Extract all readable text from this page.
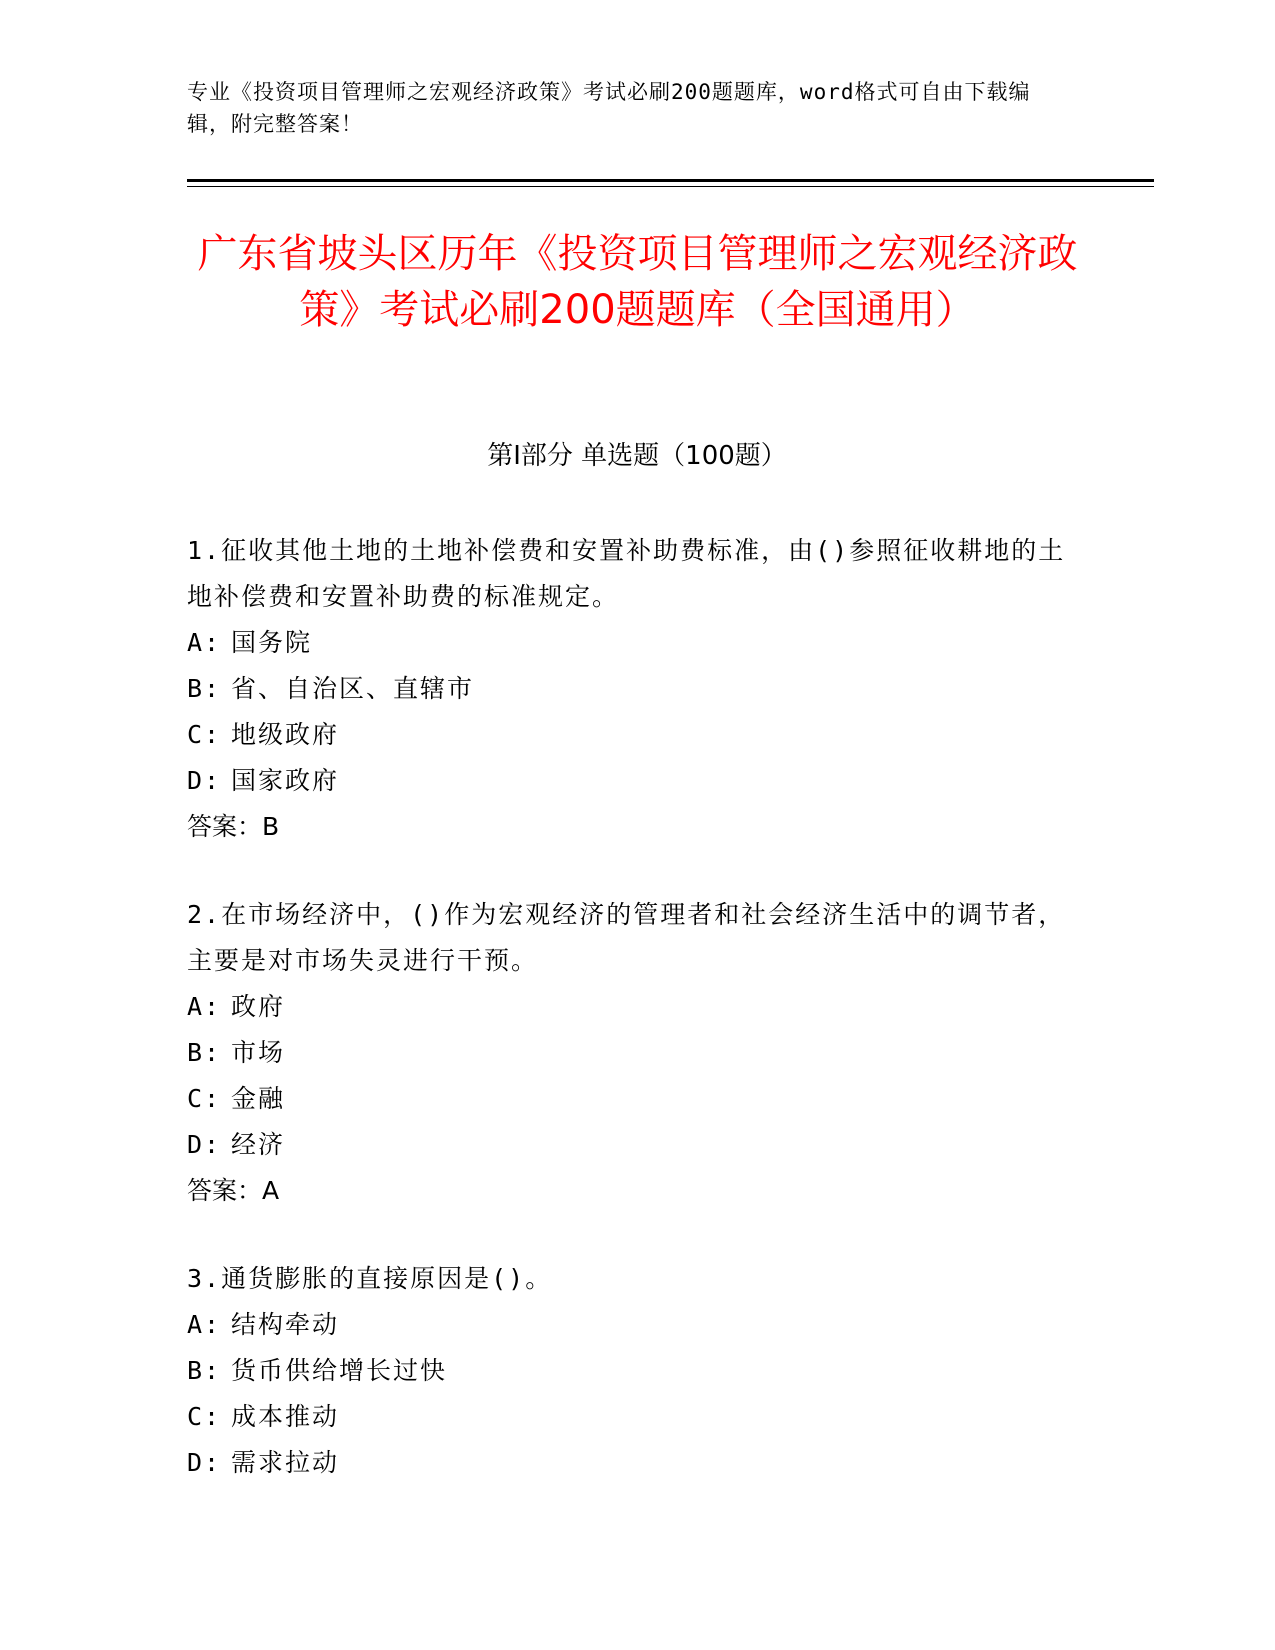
专业《投资项目管理师之宏观经济政策》考试必刷200题题库，word格式可自由下载编辑，附完整答案！
广东省坡头区历年《投资项目管理师之宏观经济政策》考试必刷200题题库（全国通用）
第I部分 单选题（100题）
1.征收其他土地的土地补偿费和安置补助费标准，由()参照征收耕地的土地补偿费和安置补助费的标准规定。
A: 国务院
B: 省、自治区、直辖市
C: 地级政府
D: 国家政府
答案：B
2.在市场经济中，()作为宏观经济的管理者和社会经济生活中的调节者，主要是对市场失灵进行干预。
A: 政府
B: 市场
C: 金融
D: 经济
答案：A
3.通货膨胀的直接原因是()。
A: 结构牵动
B: 货币供给增长过快
C: 成本推动
D: 需求拉动
